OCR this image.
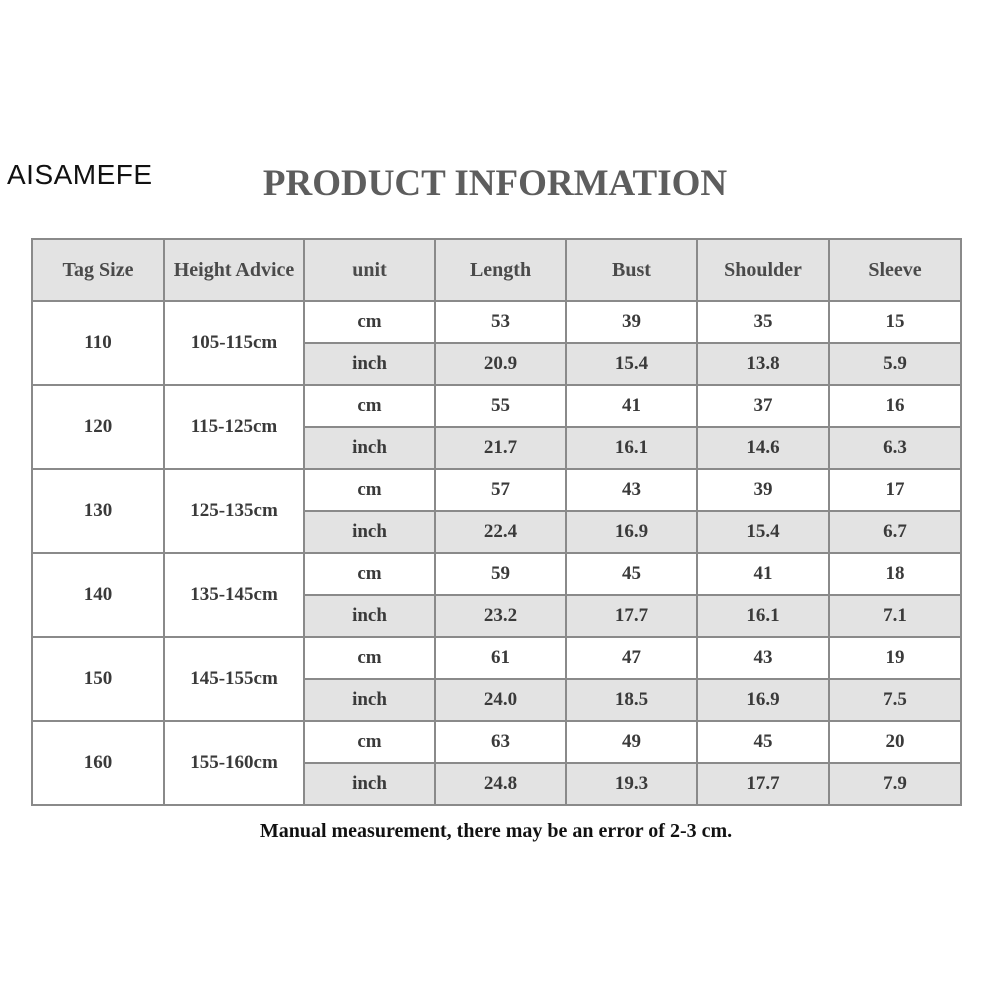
AISAMEFE	PRODUCT INFORMATION
Tag Size	Height Advice	unit	Length	Bust	Shoulder	Sleeve
110	105-115cm	cm	53	39	35	15
		inch	20.9	15.4	13.8	5.9
120	115-125cm	cm	55	41	37	16
		inch	21.7	16.1	14.6	6.3
130	125-135cm	cm	57	43	39	17
		inch	22.4	16.9	15.4	6.7
140	135-145cm	cm	59	45	41	18
		inch	23.2	17.7	16.1	7.1
150	145-155cm	cm	61	47	43	19
		inch	24.0	18.5	16.9	7.5
160	155-160cm	cm	63	49	45	20
		inch	24.8	19.3	17.7	7.9
Manual measurement, there may be an error of 2-3 cm.
